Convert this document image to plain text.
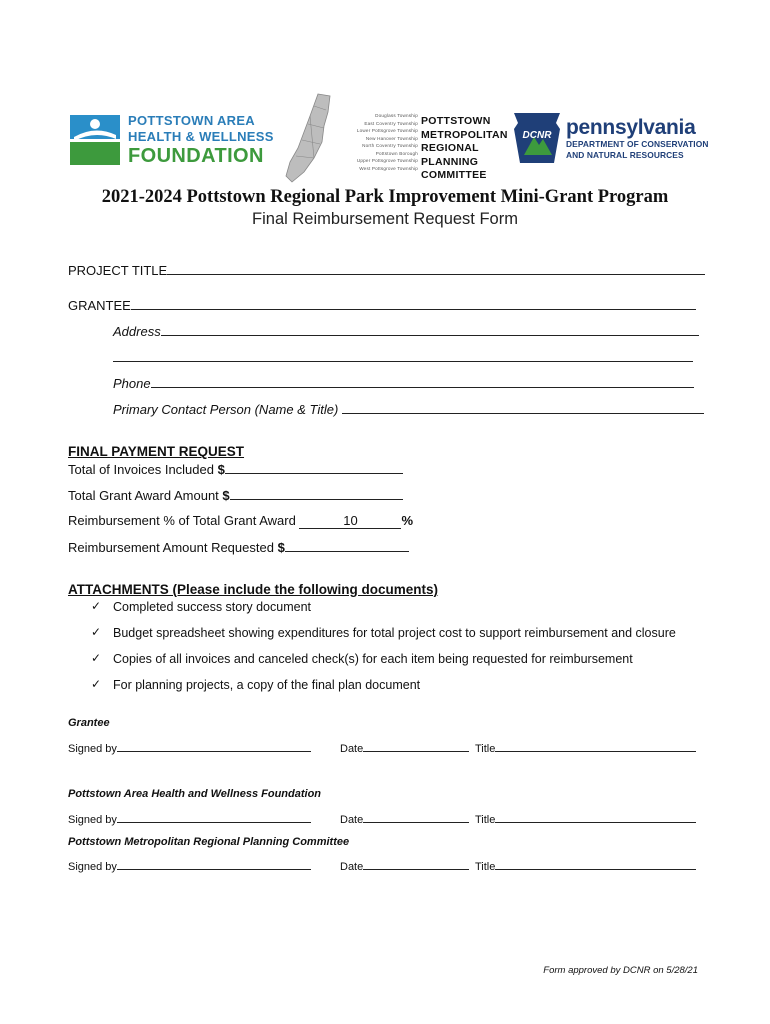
POTTSTOWN AREA
HEALTH & WELLNESS
FOUNDATION
Douglass Township
East Coventry Township
Lower Pottsgrove Township
New Hanover Township
North Coventry Township
Pottstown Borough
Upper Pottsgrove Township
West Pottsgrove Township
POTTSTOWN
METROPOLITAN
REGIONAL
PLANNING
COMMITTEE
DCNR pennsylvania
DEPARTMENT OF CONSERVATION
AND NATURAL RESOURCES
2021-2024 Pottstown Regional Park Improvement Mini-Grant Program
Final Reimbursement Request Form
PROJECT TITLE
GRANTEE
Address
Phone
Primary Contact Person (Name & Title)
FINAL PAYMENT REQUEST
Total of Invoices Included $
Total Grant Award Amount $
Reimbursement % of Total Grant Award	10	%
Reimbursement Amount Requested $
ATTACHMENTS (Please include the following documents)
✓ Completed success story document
✓ Budget spreadsheet showing expenditures for total project cost to support reimbursement and closure
✓ Copies of all invoices and canceled check(s) for each item being requested for reimbursement
✓ For planning projects, a copy of the final plan document
Grantee
Signed by	Date	Title
Pottstown Area Health and Wellness Foundation
Signed by	Date	Title
Pottstown Metropolitan Regional Planning Committee
Signed by	Date	Title
Form approved by DCNR on 5/28/21
